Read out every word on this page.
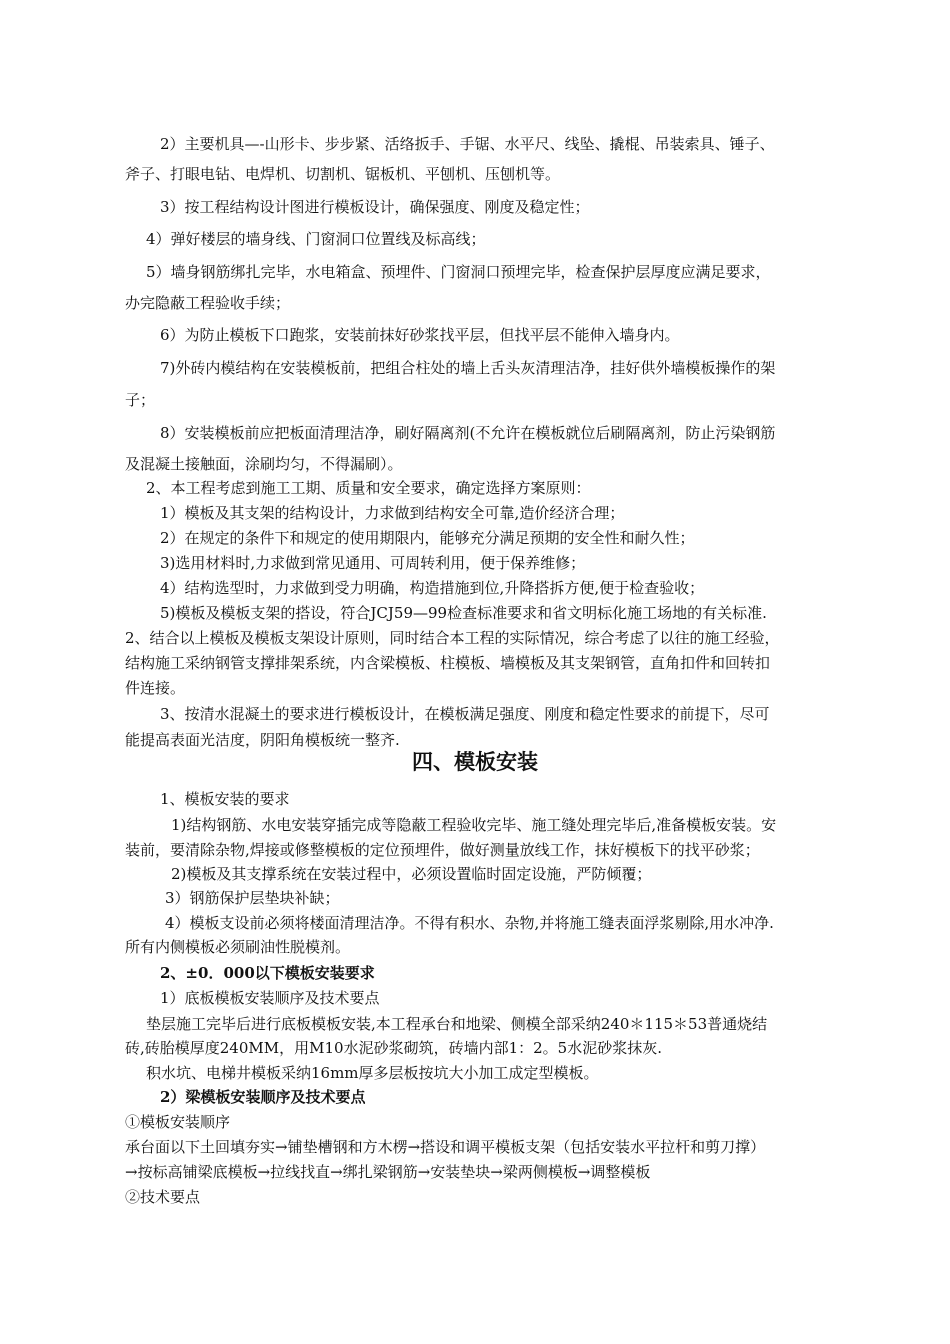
2）主要机具—-山形卡、步步紧、活络扳手、手锯、水平尺、线坠、撬棍、吊装索具、锤子、
斧子、打眼电钻、电焊机、切割机、锯板机、平刨机、压刨机等。
3）按工程结构设计图进行模板设计，确保强度、刚度及稳定性；
4）弹好楼层的墙身线、门窗洞口位置线及标高线；
5）墙身钢筋绑扎完毕，水电箱盒、预埋件、门窗洞口预埋完毕，检查保护层厚度应满足要求，
办完隐蔽工程验收手续；
6）为防止模板下口跑浆，安装前抹好砂浆找平层，但找平层不能伸入墙身内。
7)外砖内模结构在安装模板前，把组合柱处的墙上舌头灰清理洁净，挂好供外墙模板操作的架
子；
8）安装模板前应把板面清理洁净，刷好隔离剂(不允许在模板就位后刷隔离剂，防止污染钢筋
及混凝土接触面，涂刷均匀，不得漏刷）。
2、本工程考虑到施工工期、质量和安全要求，确定选择方案原则：
1）模板及其支架的结构设计，力求做到结构安全可靠,造价经济合理；
2）在规定的条件下和规定的使用期限内，能够充分满足预期的安全性和耐久性；
3)选用材料时,力求做到常见通用、可周转利用，便于保养维修；
4）结构选型时，力求做到受力明确，构造措施到位,升降搭拆方便,便于检查验收；
5)模板及模板支架的搭设，符合JCJ59—99检查标准要求和省文明标化施工场地的有关标准.
2、结合以上模板及模板支架设计原则，同时结合本工程的实际情况，综合考虑了以往的施工经验，
结构施工采纳钢管支撑排架系统，内含梁模板、柱模板、墙模板及其支架钢管，直角扣件和回转扣
件连接。
3、按清水混凝土的要求进行模板设计，在模板满足强度、刚度和稳定性要求的前提下，尽可
能提高表面光洁度，阴阳角模板统一整齐.
四、模板安装
1、模板安装的要求
1)结构钢筋、水电安装穿插完成等隐蔽工程验收完毕、施工缝处理完毕后,准备模板安装。安
装前，要清除杂物,焊接或修整模板的定位预埋件，做好测量放线工作，抹好模板下的找平砂浆；
2)模板及其支撑系统在安装过程中，必须设置临时固定设施，严防倾覆；
3）钢筋保护层垫块补缺；
4）模板支设前必须将楼面清理洁净。不得有积水、杂物,并将施工缝表面浮浆剔除,用水冲净.
所有内侧模板必须刷油性脱模剂。
2、±0．000以下模板安装要求
1）底板模板安装顺序及技术要点
垫层施工完毕后进行底板模板安装,本工程承台和地梁、侧模全部采纳240＊115＊53普通烧结
砖,砖胎模厚度240MM，用M10水泥砂浆砌筑，砖墙内部1：2。5水泥砂浆抹灰.
积水坑、电梯井模板采纳16mm厚多层板按坑大小加工成定型模板。
2）梁模板安装顺序及技术要点
①模板安装顺序
承台面以下土回填夯实→铺垫槽钢和方木楞→搭设和调平模板支架（包括安装水平拉杆和剪刀撑）
→按标高铺梁底模板→拉线找直→绑扎梁钢筋→安装垫块→梁两侧模板→调整模板
②技术要点
